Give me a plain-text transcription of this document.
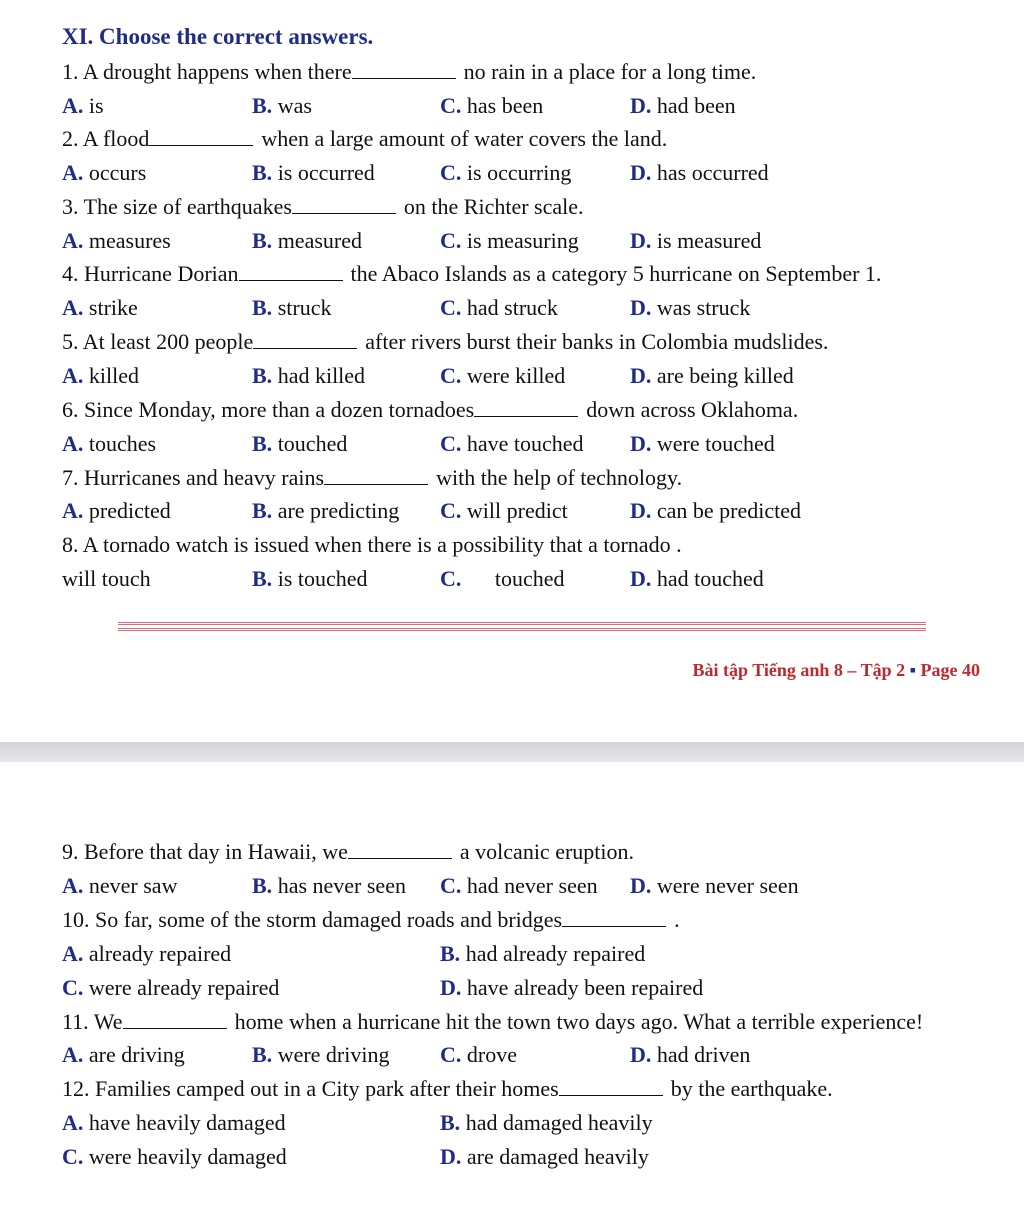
XI. Choose the correct answers.
1. A drought happens when there	no rain in a place for a long time.
A. is	B. was	C. has been	D. had been
2. A flood	when a large amount of water covers the land.
A. occurs	B. is occurred	C. is occurring	D. has occurred
3. The size of earthquakes	on the Richter scale.
A. measures	B. measured	C. is measuring D. is measured
4. Hurricane Dorian	the Abaco Islands as a category 5 hurricane on September 1.
A. strike	B. struck	C. had struck	D. was struck
5. At least 200 people	after rivers burst their banks in Colombia mudslides.
A. killed	B. had killed	C. were killed	D. are being killed
6. Since Monday, more than a dozen tornadoes	down across Oklahoma.
A. touches	B. touched	C. have touched D. were touched
7. Hurricanes and heavy rains	with the help of technology.
A. predicted	B. are predicting C. will predict	D. can be predicted
8. A tornado watch is issued when there is a possibility that a tornado .
will touch	B. is touched	C. touched	D. had touched
Bài tập Tiếng anh 8 – Tập 2 ▪ Page 40
9. Before that day in Hawaii, we	a volcanic eruption.
A. never saw	B. has never seen C. had never seen D. were never seen
10. So far, some of the storm damaged roads and bridges	.
A. already repaired	B. had already repaired
C. were already repaired	D. have already been repaired
11. We	home when a hurricane hit the town two days ago. What a terrible experience!
A. are driving	B. were driving C. drove	D. had driven
12. Families camped out in a City park after their homes	by the earthquake.
A. have heavily damaged	B. had damaged heavily
C. were heavily damaged	D. are damaged heavily
